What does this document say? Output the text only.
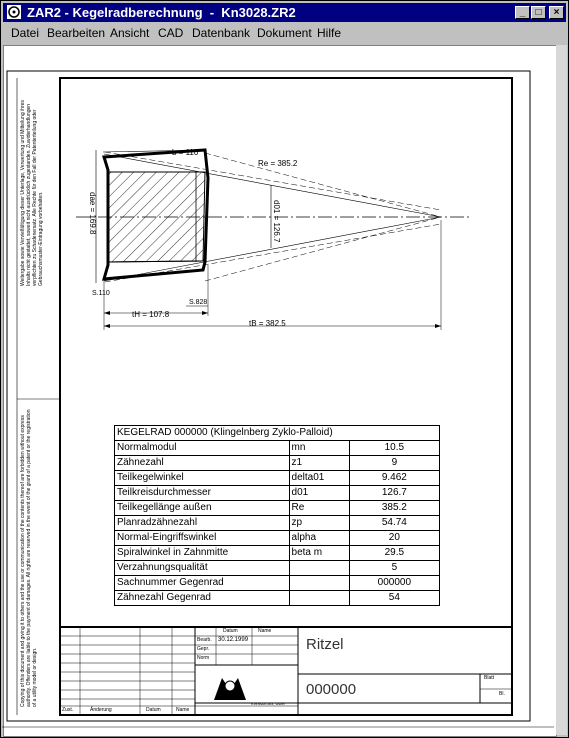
ZAR2 - Kegelradberechnung  -  Kn3028.ZR2	_	□	×
Datei Bearbeiten Ansicht CAD Datenbank Dokument Hilfe
b = 110
Re = 385.2
dae = 169.8	d01 = 126.7
S.110
S.828
tH = 107.8
tB = 382.5
KISSsoft AG, Uster
Weitergabe sowie Vervielfältigung dieser Unterlage, Verwertung und Mitteilung ihres Inhalts nicht gestattet, soweit nicht ausdrücklich zugestanden. Zuwiderhandlungen verpflichten zu Schadenersatz. Alle Rechte für den Fall der Patenterteilung oder Gebrauchsmuster-Eintragung vorbehalten.
Copying of this document and giving it to others and the use or communication of the contents thereof are forbidden without express authority. Offenders are liable to the payment of damages. All rights are reserved in the event of the grant of a patent or the registration of a utility model or design.
KEGELRAD 000000 (Klingelnberg Zyklo-Palloid)		
Normalmodul	mn	10.5
Zähnezahl	z1	9
Teilkegelwinkel	delta01	9.462
Teilkreisdurchmesser	d01	126.7
Teilkegellänge außen	Re	385.2
Planradzähnezahl	zp	54.74
Normal-Eingriffswinkel	alpha	20
Spiralwinkel in Zahnmitte	beta m	29.5
Verzahnungsqualität		5
Sachnummer Gegenrad		000000
Zähnezahl Gegenrad		54
Datum	Name
Bearb. 30.12.1999
Gepr.
Norm
Ritzel
000000
Blatt
Bl.
Zust.	Änderung	Datum	Name
